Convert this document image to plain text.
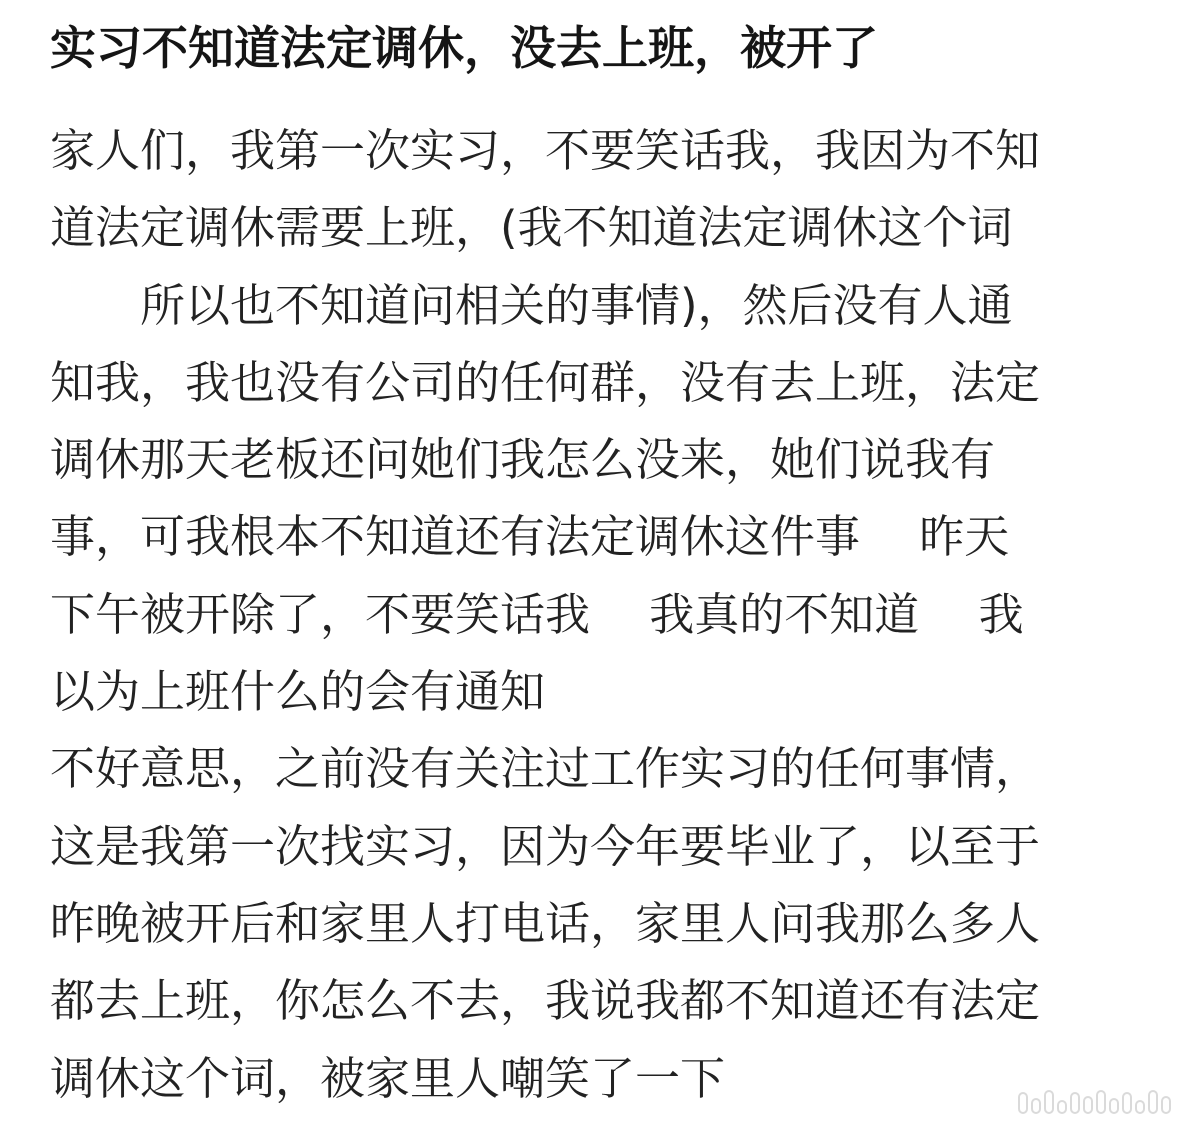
实习不知道法定调休，没去上班，被开了
家人们，我第一次实习，不要笑话我，我因为不知
道法定调休需要上班，(我不知道法定调休这个词
　　所以也不知道问相关的事情)，然后没有人通
知我，我也没有公司的任何群，没有去上班，法定
调休那天老板还问她们我怎么没来，她们说我有
事，可我根本不知道还有法定调休这件事　 昨天
下午被开除了，不要笑话我　 我真的不知道　 我
以为上班什么的会有通知
不好意思，之前没有关注过工作实习的任何事情，
这是我第一次找实习，因为今年要毕业了，以至于
昨晚被开后和家里人打电话，家里人问我那么多人
都去上班，你怎么不去，我说我都不知道还有法定
调休这个词，被家里人嘲笑了一下
